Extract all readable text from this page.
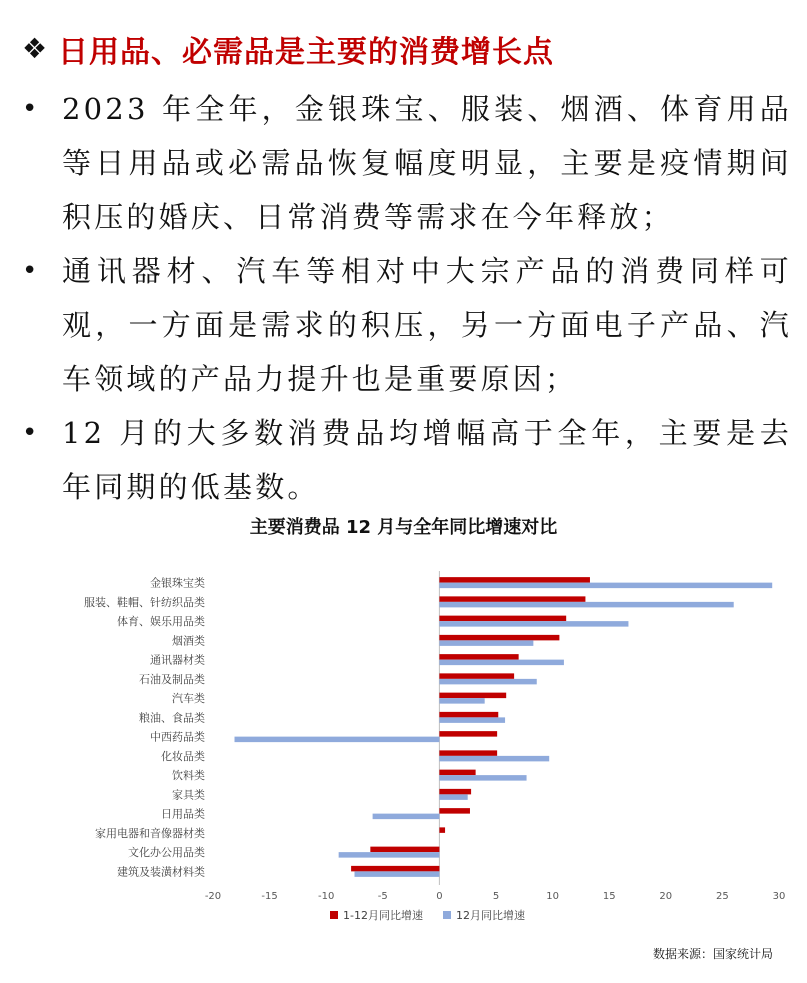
❖ 日用品、必需品是主要的消费增长点
• 2023 年全年，金银珠宝、服装、烟酒、体育用品等日用品或必需品恢复幅度明显，主要是疫情期间积压的婚庆、日常消费等需求在今年释放；
• 通讯器材、汽车等相对中大宗产品的消费同样可观，一方面是需求的积压，另一方面电子产品、汽车领域的产品力提升也是重要原因；
• 12 月的大多数消费品均增幅高于全年，主要是去年同期的低基数。
主要消费品 12 月与全年同比增速对比
金银珠宝类
服装、鞋帽、针纺织品类
体育、娱乐用品类
烟酒类
通讯器材类
石油及制品类
汽车类
粮油、食品类
中西药品类
化妆品类
饮料类
家具类
日用品类
家用电器和音像器材类
文化办公用品类
建筑及装潢材料类
-20	-15	-10	-5	0	5	10	15	20	25	30
1-12月同比增速	12月同比增速
数据来源：国家统计局
